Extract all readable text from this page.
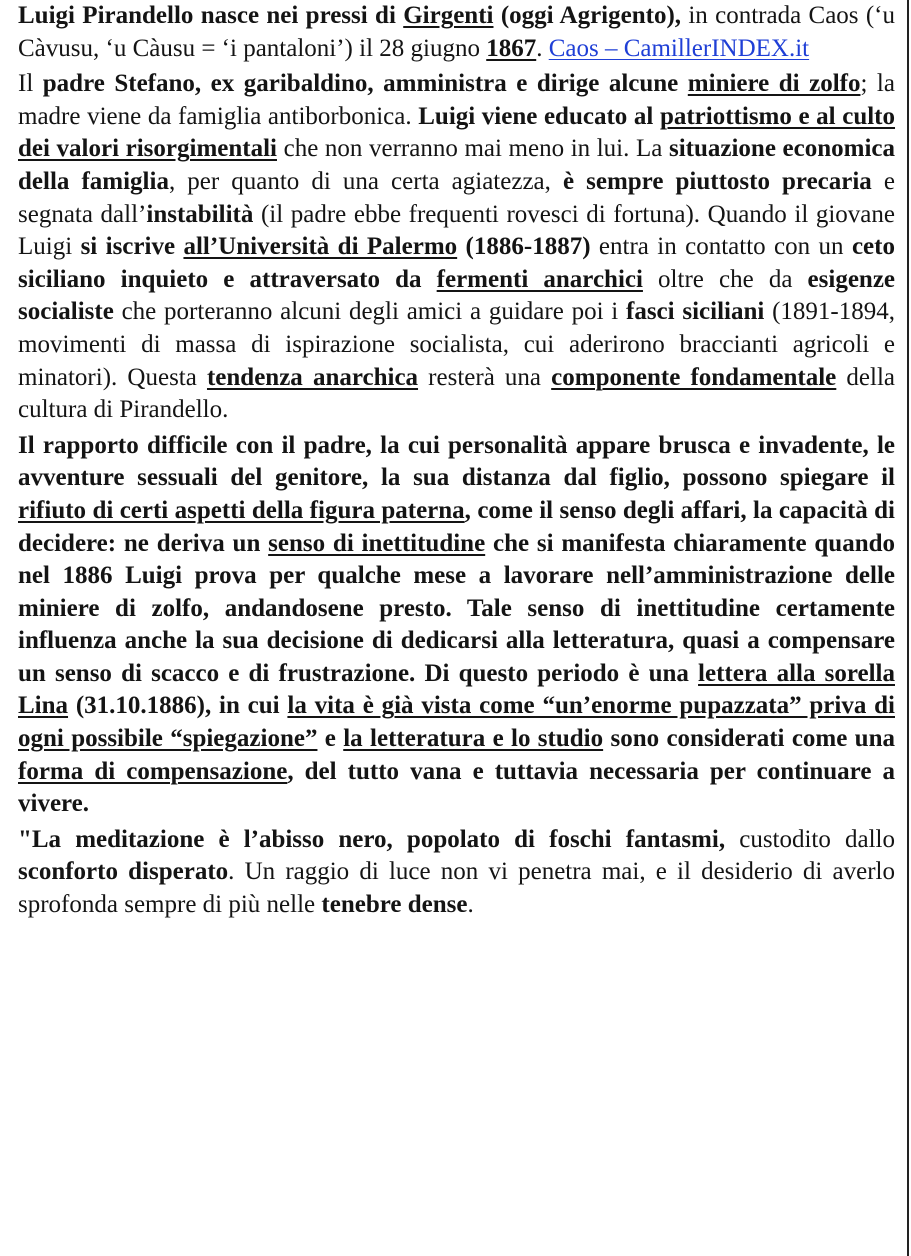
Luigi Pirandello nasce nei pressi di Girgenti (oggi Agrigento), in contrada Caos (‘u Càvusu, ‘u Càusu = ‘i pantaloni’) il 28 giugno 1867. Caos – CamillerINDEX.it

Il padre Stefano, ex garibaldino, amministra e dirige alcune miniere di zolfo; la madre viene da famiglia antiborbonica. Luigi viene educato al patriottismo e al culto dei valori risorgimentali che non verranno mai meno in lui. La situazione economica della famiglia, per quanto di una certa agiatezza, è sempre piuttosto precaria e segnata dall’instabilità (il padre ebbe frequenti rovesci di fortuna). Quando il giovane Luigi si iscrive all’Università di Palermo (1886-1887) entra in contatto con un ceto siciliano inquieto e attraversato da fermenti anarchici oltre che da esigenze socialiste che porteranno alcuni degli amici a guidare poi i fasci siciliani (1891-1894, movimenti di massa di ispirazione socialista, cui aderirono braccianti agricoli e minatori). Questa tendenza anarchica resterà una componente fondamentale della cultura di Pirandello.

Il rapporto difficile con il padre, la cui personalità appare brusca e invadente, le avventure sessuali del genitore, la sua distanza dal figlio, possono spiegare il rifiuto di certi aspetti della figura paterna, come il senso degli affari, la capacità di decidere: ne deriva un senso di inettitudine che si manifesta chiaramente quando nel 1886 Luigi prova per qualche mese a lavorare nell’amministrazione delle miniere di zolfo, andandosene presto. Tale senso di inettitudine certamente influenza anche la sua decisione di dedicarsi alla letteratura, quasi a compensare un senso di scacco e di frustrazione. Di questo periodo è una lettera alla sorella Lina (31.10.1886), in cui la vita è già vista come “un’enorme pupazzata” priva di ogni possibile “spiegazione” e la letteratura e lo studio sono considerati come una forma di compensazione, del tutto vana e tuttavia necessaria per continuare a vivere.

"La meditazione è l’abisso nero, popolato di foschi fantasmi, custodito dallo sconforto disperato. Un raggio di luce non vi penetra mai, e il desiderio di averlo sprofonda sempre di più nelle tenebre dense.
